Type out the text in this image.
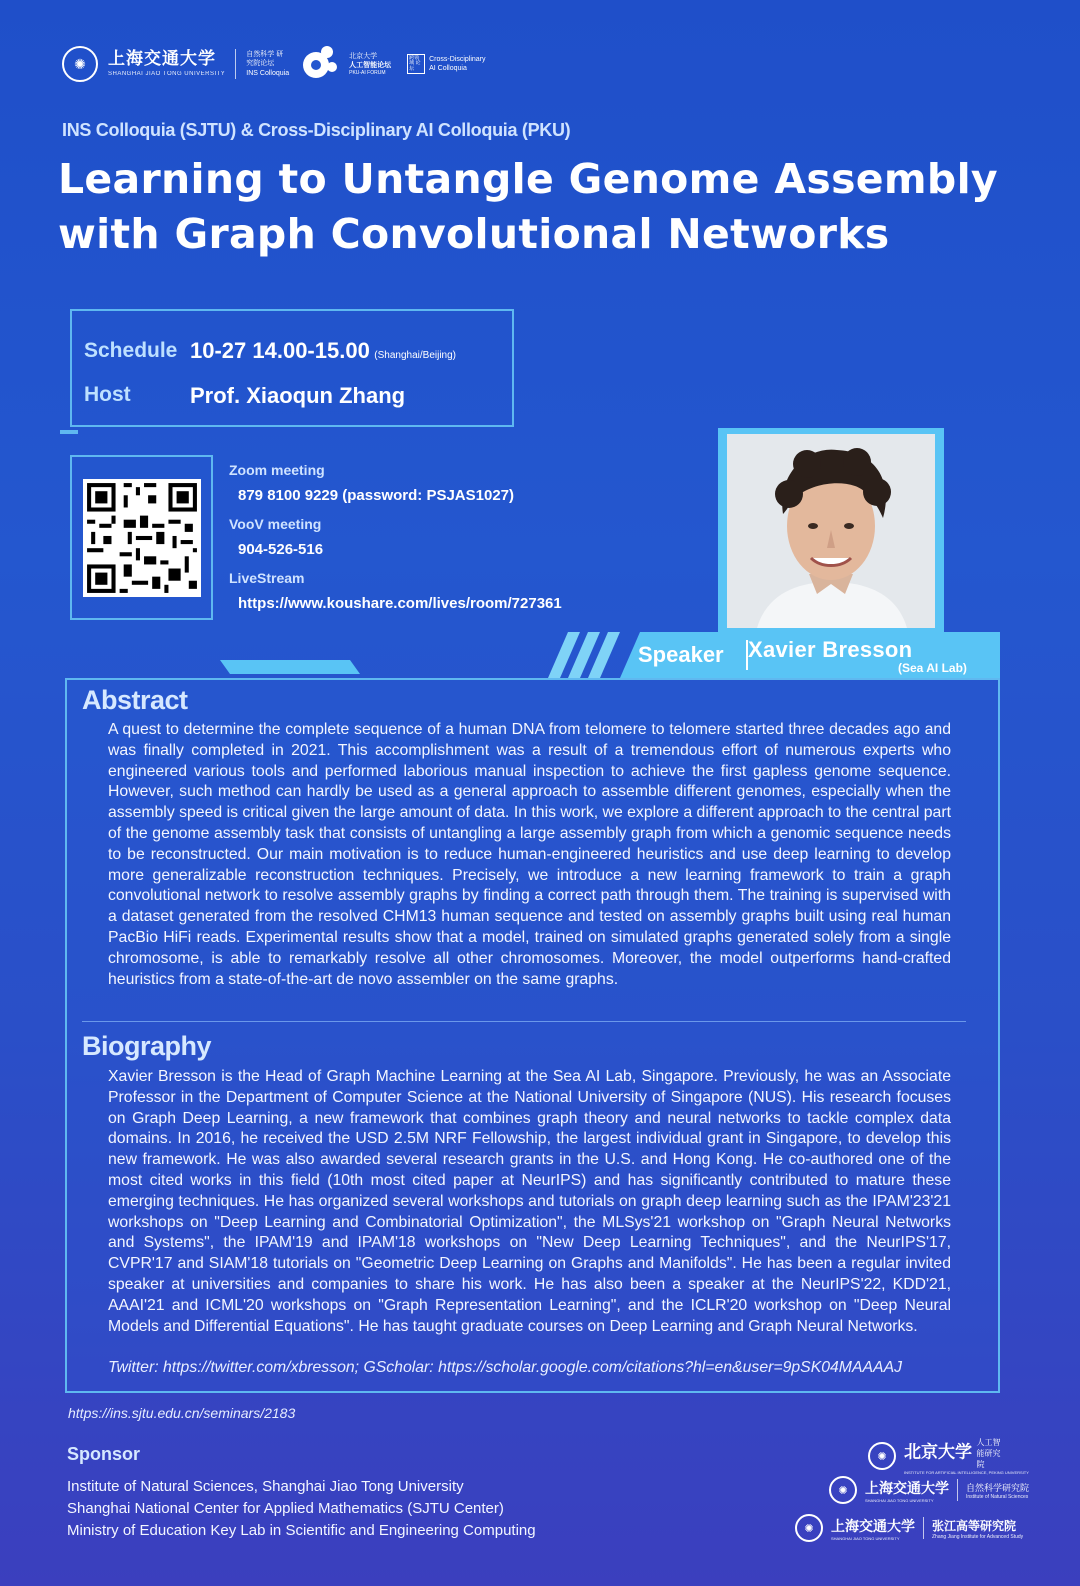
✺	上海交通大学
SHANGHAI JIAO TONG UNIVERSITY
自然科学 研究院论坛
INS Colloquia
北京大学
人工智能论坛
PKU-AI FORUM
跨领域 论坛
Cross-Disciplinary
AI Colloquia
INS Colloquia (SJTU) & Cross-Disciplinary AI Colloquia (PKU)
Learning to Untangle Genome Assembly
with Graph Convolutional Networks
Schedule 10-27 14.00-15.00 (Shanghai/Beijing)
Host	Prof. Xiaoqun Zhang
Zoom meeting
879 8100 9229 (password: PSJAS1027)
VooV meeting
904-526-516
LiveStream
https://www.koushare.com/lives/room/727361
Speaker Xavier Bresson
(Sea AI Lab)
Abstract
A quest to determine the complete sequence of a human DNA from telomere to telomere started three decades ago and was finally completed in 2021. This accomplishment was a result of a tremendous effort of numerous experts who engineered various tools and performed laborious manual inspection to achieve the first gapless genome sequence. However, such method can hardly be used as a general approach to assemble different genomes, especially when the assembly speed is critical given the large amount of data. In this work, we explore a different approach to the central part of the genome assembly task that consists of untangling a large assembly graph from which a genomic sequence needs to be reconstructed. Our main motivation is to reduce human-engineered heuristics and use deep learning to develop more generalizable reconstruction techniques. Precisely, we introduce a new learning framework to train a graph convolutional network to resolve assembly graphs by finding a correct path through them. The training is supervised with a dataset generated from the resolved CHM13 human sequence and tested on assembly graphs built using real human PacBio HiFi reads. Experimental results show that a model, trained on simulated graphs generated solely from a single chromosome, is able to remarkably resolve all other chromosomes. Moreover, the model outperforms hand-crafted heuristics from a state-of-the-art de novo assembler on the same graphs.
Biography
Xavier Bresson is the Head of Graph Machine Learning at the Sea AI Lab, Singapore. Previously, he was an Associate Professor in the Department of Computer Science at the National University of Singapore (NUS). His research focuses on Graph Deep Learning, a new framework that combines graph theory and neural networks to tackle complex data domains. In 2016, he received the USD 2.5M NRF Fellowship, the largest individual grant in Singapore, to develop this new framework. He was also awarded several research grants in the U.S. and Hong Kong. He co-authored one of the most cited works in this field (10th most cited paper at NeurIPS) and has significantly contributed to mature these emerging techniques. He has organized several workshops and tutorials on graph deep learning such as the IPAM'23'21 workshops on "Deep Learning and Combinatorial Optimization", the MLSys'21 workshop on "Graph Neural Networks and Systems", the IPAM'19 and IPAM'18 workshops on "New Deep Learning Techniques", and the NeurIPS'17, CVPR'17 and SIAM'18 tutorials on "Geometric Deep Learning on Graphs and Manifolds". He has been a regular invited speaker at universities and companies to share his work. He has also been a speaker at the NeurIPS'22, KDD'21, AAAI'21 and ICML'20 workshops on "Graph Representation Learning", and the ICLR'20 workshop on "Deep Neural Models and Differential Equations". He has taught graduate courses on Deep Learning and Graph Neural Networks.
Twitter: https://twitter.com/xbresson; GScholar: https://scholar.google.com/citations?hl=en&user=9pSK04MAAAAJ
https://ins.sjtu.edu.cn/seminars/2183
Sponsor
Institute of Natural Sciences, Shanghai Jiao Tong University
Shanghai National Center for Applied Mathematics (SJTU Center)
Ministry of Education Key Lab in Scientific and Engineering Computing
✺	北京大学 人工智能研究院
INSTITUTE FOR ARTIFICIAL INTELLIGENCE, PEKING UNIVERSITY
✺	上海交通大学
SHANGHAI JIAO TONG UNIVERSITY
自然科学研究院
Institute of Natural Sciences
✺	上海交通大学
SHANGHAI JIAO TONG UNIVERSITY
张江高等研究院
Zhang Jiang Institute for Advanced Study
